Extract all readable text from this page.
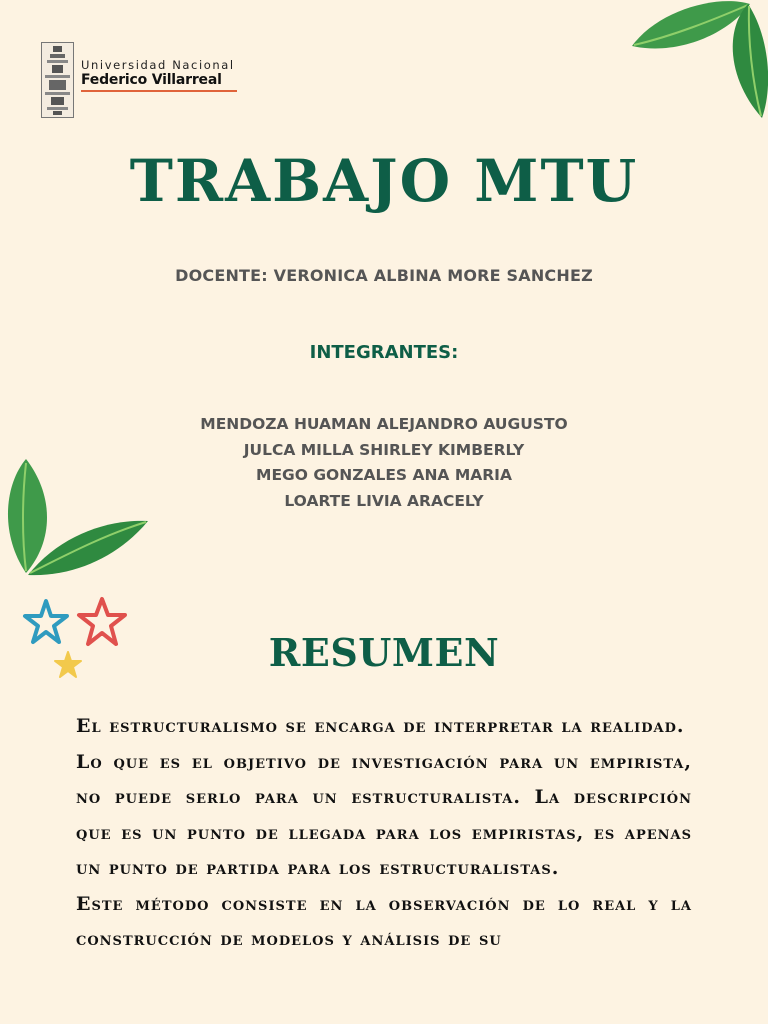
Universidad Nacional
Federico Villarreal
TRABAJO MTU
DOCENTE: VERONICA ALBINA MORE SANCHEZ
INTEGRANTES:
MENDOZA HUAMAN ALEJANDRO AUGUSTO
JULCA MILLA SHIRLEY KIMBERLY
MEGO GONZALES ANA MARIA
LOARTE LIVIA ARACELY
RESUMEN

El estructuralismo se encarga de interpretar la realidad.

Lo que es el objetivo de investigación para un empirista, no puede serlo para un estructuralista. La descripción que es un punto de llegada para los empiristas, es apenas un punto de partida para los estructuralistas.

Este método consiste en la observación de lo real y la construcción de modelos y análisis de su
